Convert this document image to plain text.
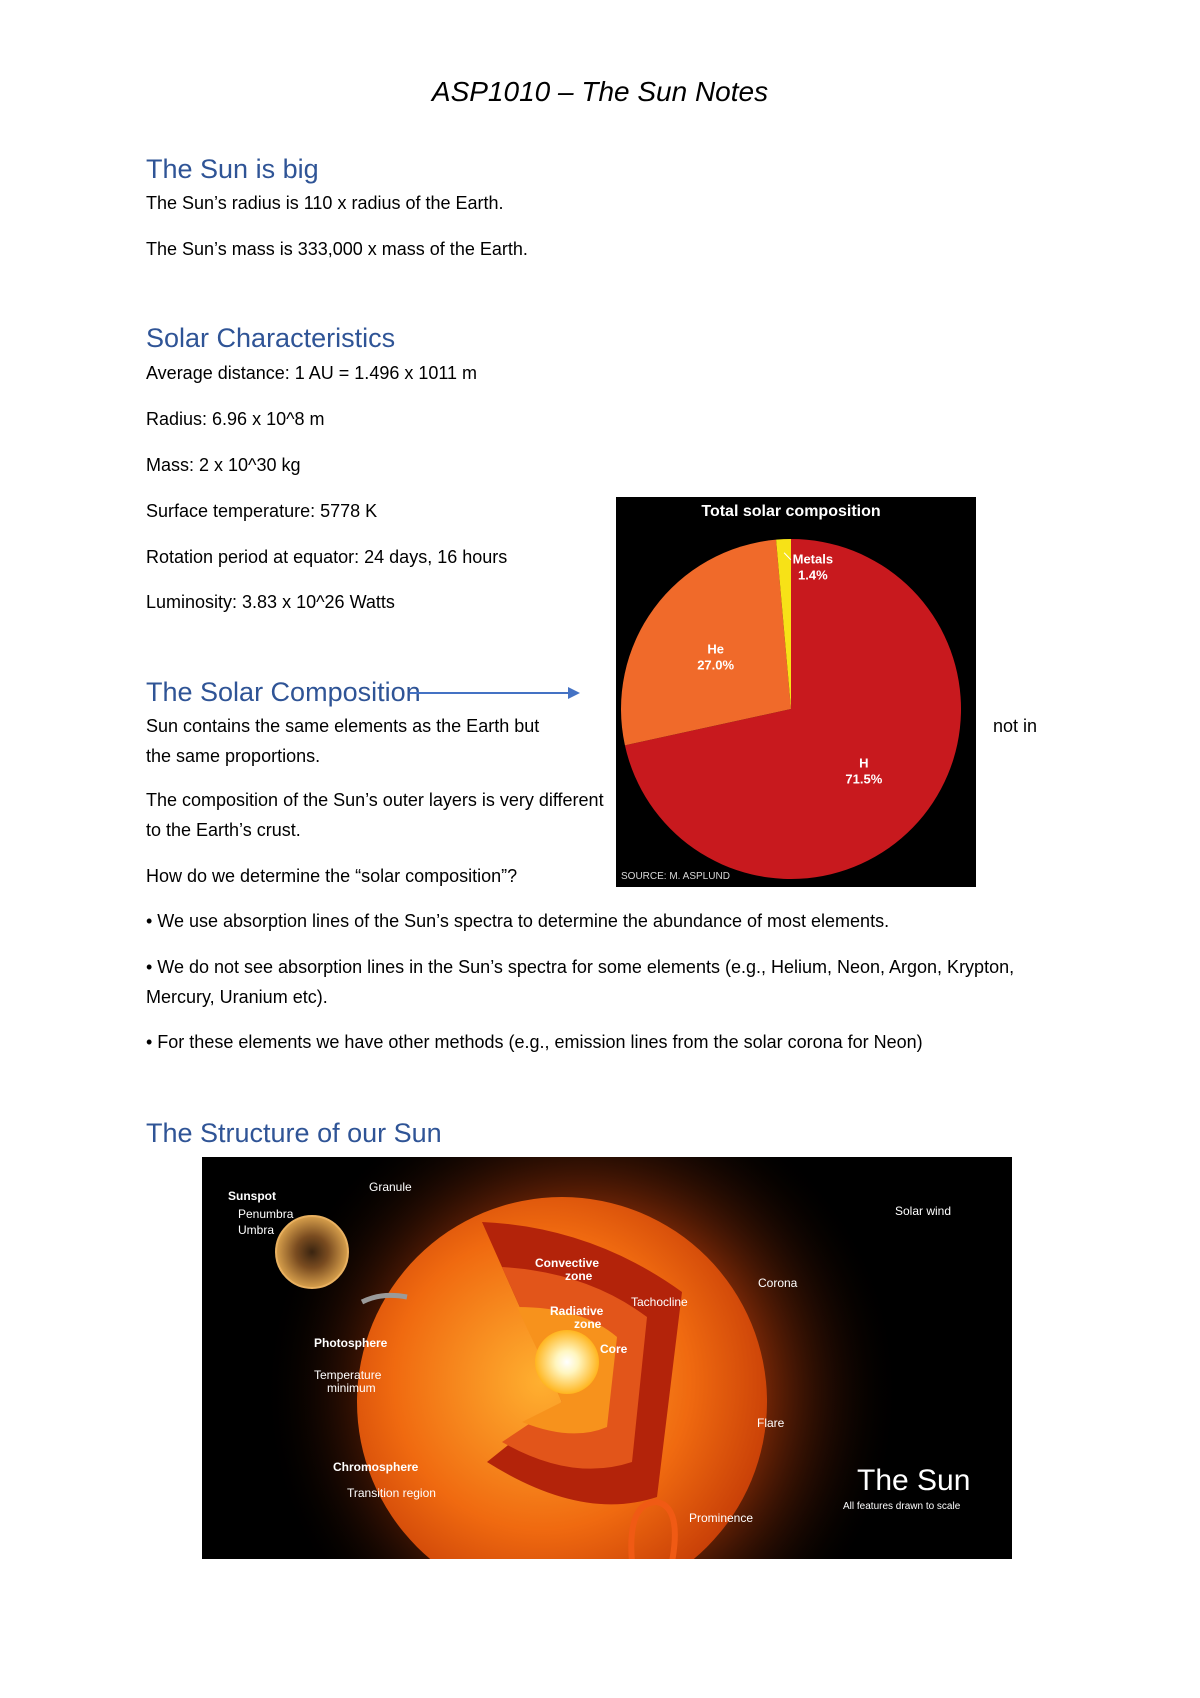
ASP1010 – The Sun Notes
The Sun is big
The Sun’s radius is 110 x radius of the Earth.
The Sun’s mass is 333,000 x mass of the Earth.
Solar Characteristics
Average distance: 1 AU = 1.496 x 1011 m
Radius: 6.96 x 10^8 m
Mass: 2 x 10^30 kg
Surface temperature: 5778 K
Rotation period at equator: 24 days, 16 hours
Luminosity: 3.83 x 10^26 Watts
The Solar Composition
Sun contains the same elements as the Earth but	not in
the same proportions.
The composition of the Sun’s outer layers is very different to the Earth’s crust.
How do we determine the “solar composition”?
• We use absorption lines of the Sun’s spectra to determine the abundance of most elements.
• We do not see absorption lines in the Sun’s spectra for some elements (e.g., Helium, Neon, Argon, Krypton, Mercury, Uranium etc).
• For these elements we have other methods (e.g., emission lines from the solar corona for Neon)
Total solar composition
H
71.5%
He
27.0%
Metals
1.4%
SOURCE: M. ASPLUND
The Structure of our Sun
Sunspot
Penumbra
Umbra
Granule
Solar wind
Convective
zone
Radiative
zone
Tachocline
Core
Corona
Photosphere
Temperature
minimum
Flare
Chromosphere
Transition region
Prominence
The Sun
All features drawn to scale
